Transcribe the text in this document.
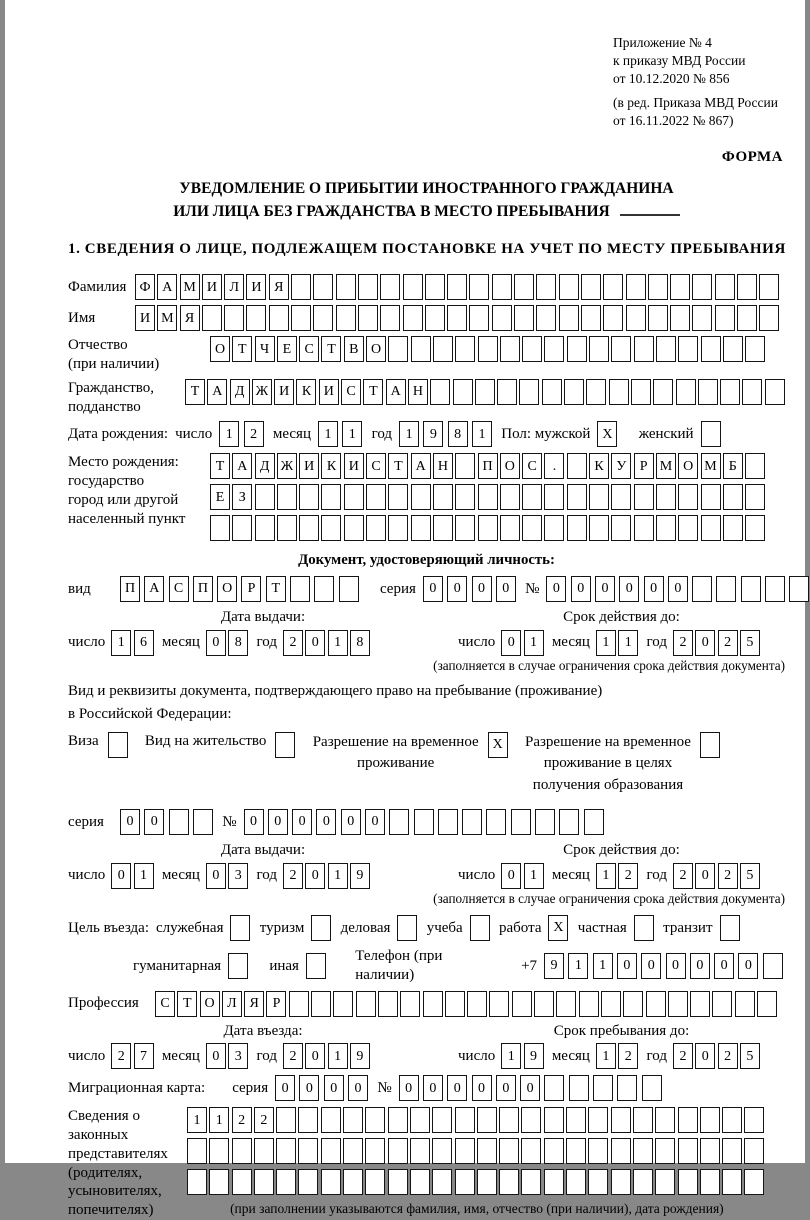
Приложение № 4
к приказу МВД России
от 10.12.2020 № 856
(в ред. Приказа МВД России
от 16.11.2022 № 867)
ФОРМА
УВЕДОМЛЕНИЕ О ПРИБЫТИИ ИНОСТРАННОГО ГРАЖДАНИНА
ИЛИ ЛИЦА БЕЗ ГРАЖДАНСТВА В МЕСТО ПРЕБЫВАНИЯ
1. СВЕДЕНИЯ О ЛИЦЕ, ПОДЛЕЖАЩЕМ ПОСТАНОВКЕ НА УЧЕТ ПО МЕСТУ ПРЕБЫВАНИЯ
Фамилия Ф А М И Л И Я
Имя	И М Я
Отчество
(при наличии)
О Т Ч Е С Т В О
Гражданство,
подданство
Т А Д Ж И К И С Т А Н
Дата рождения: число 1	2	месяц 1	1	год 1	9	8	1	Пол: мужской X	женский
Место рождения:
государство
город или другой
населенный пункт
Т А Д Ж И К И С Т А Н	П О С	.	К У Р М О М Б
Е	З
Документ, удостоверяющий личность:
вид	П	А	С	П	О	Р	Т	серия 0	0	0	0	№ 0	0	0	0	0	0
Дата выдачи:
число 1	6 месяц 0	8 год 2	0	1	8
Срок действия до:
число 0	1 месяц 1	1 год 2	0	2	5
(заполняется в случае ограничения срока действия документа)
Вид и реквизиты документа, подтверждающего право на пребывание (проживание)
в Российской Федерации:
Виза	Вид на жительство	Разрешение на временное
проживание
X	Разрешение на временное
проживание в целях
получения образования
серия	0	0	№ 0	0	0	0	0	0
Дата выдачи:
число 0	1 месяц 0	3 год 2	0	1	9
Срок действия до:
число 0	1 месяц 1	2 год 2	0	2	5
(заполняется в случае ограничения срока действия документа)
Цель въезда: служебная туризм деловая учеба работа X частная транзит
гуманитарная	иная
Телефон (при наличии)
+7 9	1	1	0	0	0	0	0	0
Профессия	С Т О Л Я Р
Дата въезда:
число 2	7 месяц 0	3 год 2	0	1	9
Срок пребывания до:
число 1	9 месяц 1	2 год 2	0	2	5
Миграционная карта: серия 0	0	0	0	№ 0	0	0	0	0	0
Сведения о
законных
представителях
(родителях,
усыновителях,
попечителях)
1	1	2	2
(при заполнении указываются фамилия, имя, отчество (при наличии), дата рождения)
